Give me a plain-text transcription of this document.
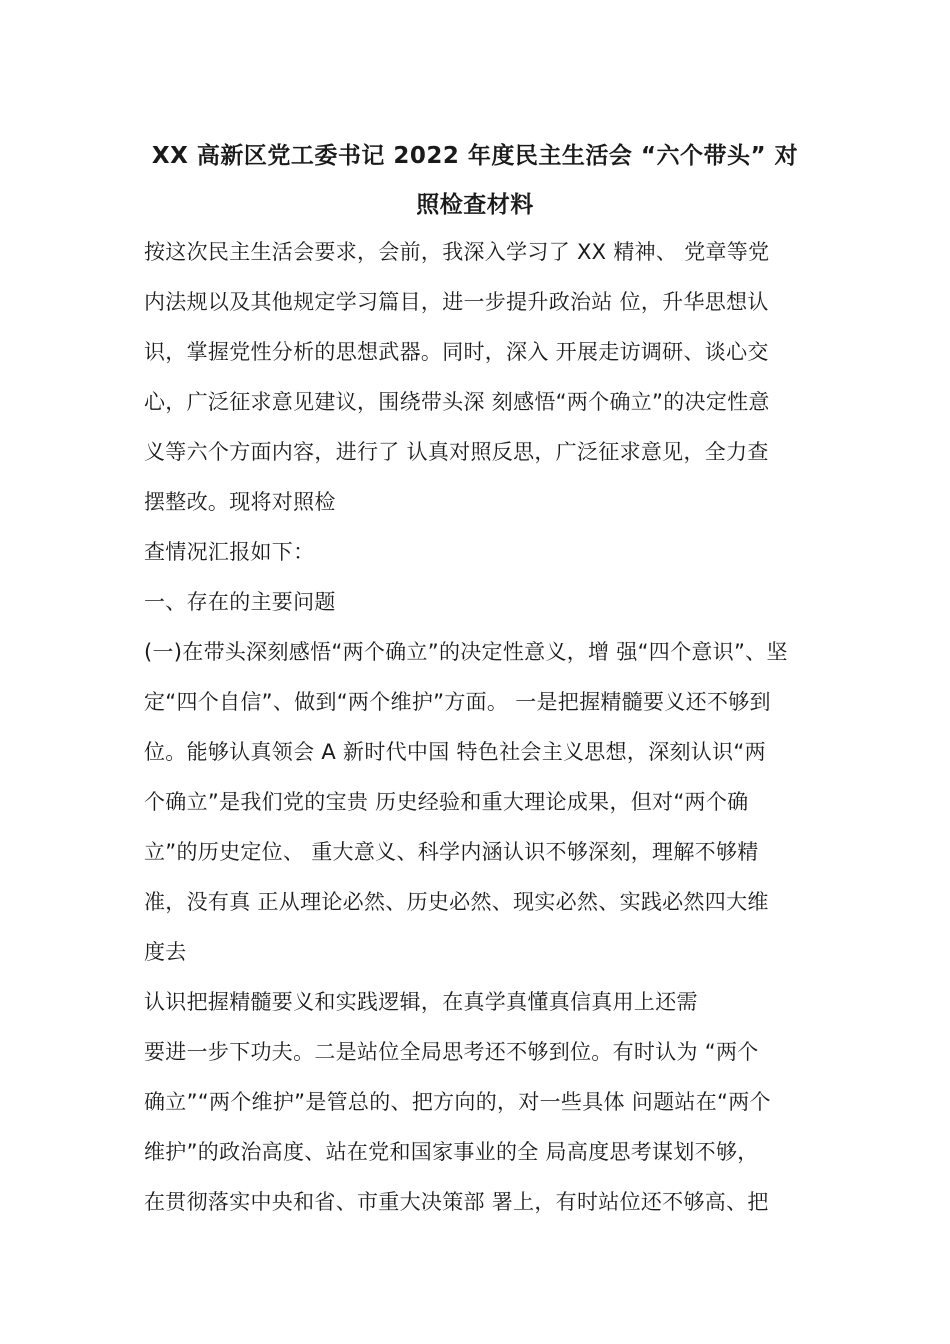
XX 高新区党工委书记 2022 年度民主生活会 “六个带头” 对
照检查材料

按这次民主生活会要求，会前，我深入学习了 XX 精神、 党章等党

内法规以及其他规定学习篇目，进一步提升政治站 位，升华思想认

识，掌握党性分析的思想武器。同时，深入 开展走访调研、谈心交

心，广泛征求意见建议，围绕带头深 刻感悟“两个确立”的决定性意

义等六个方面内容，进行了 认真对照反思，广泛征求意见，全力查

摆整改。现将对照检

查情况汇报如下：

一、存在的主要问题

(一)在带头深刻感悟“两个确立”的决定性意义，增 强“四个意识”、坚

定“四个自信”、做到“两个维护”方面。 一是把握精髓要义还不够到

位。能够认真领会 A 新时代中国 特色社会主义思想，深刻认识“两

个确立”是我们党的宝贵 历史经验和重大理论成果，但对“两个确

立”的历史定位、 重大意义、科学内涵认识不够深刻，理解不够精

准，没有真 正从理论必然、历史必然、现实必然、实践必然四大维

度去

认识把握精髓要义和实践逻辑，在真学真懂真信真用上还需

要进一步下功夫。二是站位全局思考还不够到位。有时认为 “两个

确立”“两个维护”是管总的、把方向的，对一些具体 问题站在“两个

维护”的政治高度、站在党和国家事业的全 局高度思考谋划不够，

在贯彻落实中央和省、市重大决策部 署上，有时站位还不够高、把
